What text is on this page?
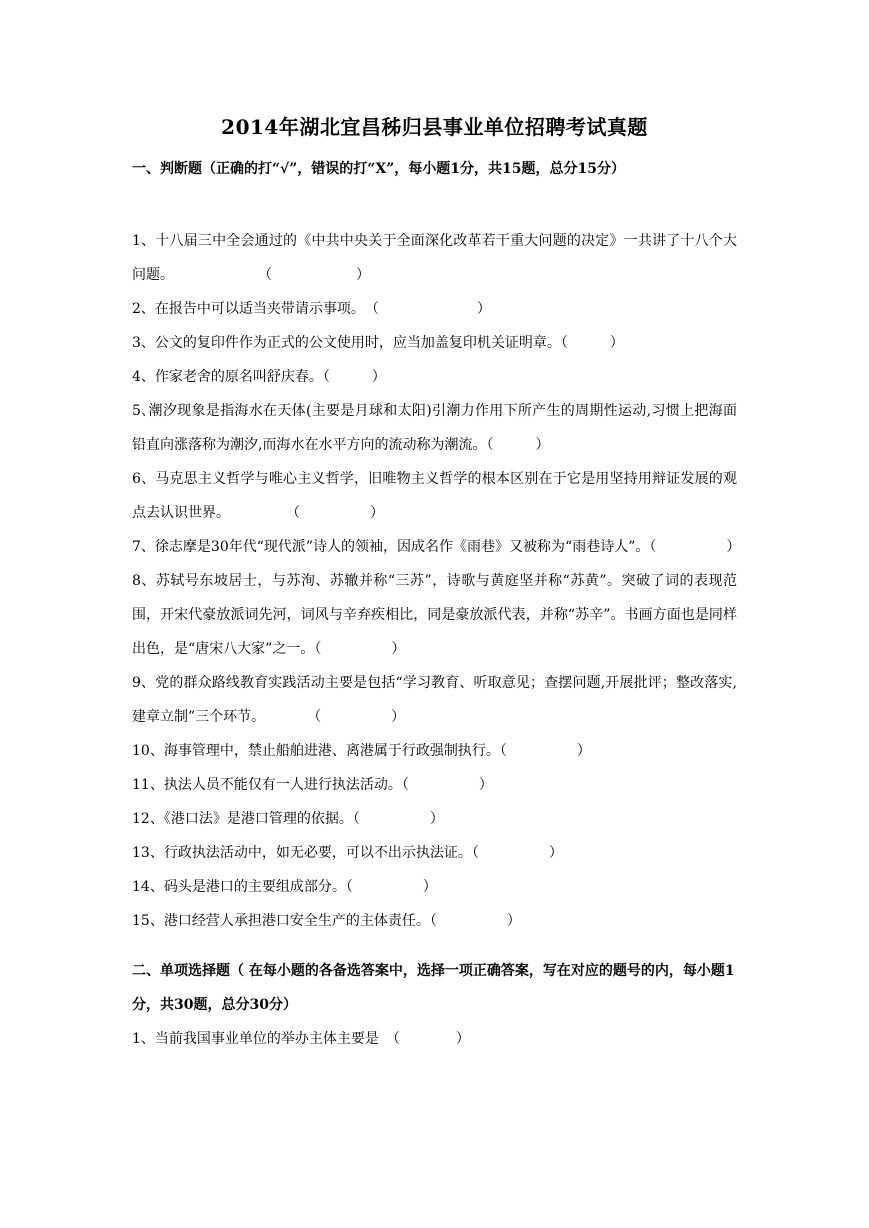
2014年湖北宜昌秭归县事业单位招聘考试真题

一、判断题（正确的打“√”，错误的打“X”，每小题1分，共15题，总分15分）

1、十八届三中全会通过的《中共中央关于全面深化改革若干重大问题的决定》一共讲了十八个大问题。　　　　　　　（　　　　　　）

2、在报告中可以适当夹带请示事项。　（　　　　　　　）

3、公文的复印件作为正式的公文使用时，应当加盖复印机关证明章。（　　　）

4、作家老舍的原名叫舒庆春。（　　　）

5､潮汐现象是指海水在天体(主要是月球和太阳)引潮力作用下所产生的周期性运动,习惯上把海面铅直向涨落称为潮汐,而海水在水平方向的流动称为潮流。（　　　）

6、马克思主义哲学与唯心主义哲学，旧唯物主义哲学的根本区别在于它是用坚持用辩证发展的观点去认识世界。　　　　　（　　　　　）

7、徐志摩是30年代“现代派”诗人的领袖，因成名作《雨巷》又被称为“雨巷诗人”。（　　　　　）

8、苏轼号东坡居士，与苏洵、苏辙并称“三苏”，诗歌与黄庭坚并称“苏黄”。突破了词的表现范围，开宋代豪放派词先河，词风与辛弃疾相比，同是豪放派代表，并称“苏辛”。书画方面也是同样出色，是“唐宋八大家”之一。（　　　　　）

9、党的群众路线教育实践活动主要是包括“学习教育、听取意见；查摆问题,开展批评；整改落实,建章立制”三个环节。　　　　（　　　　　）

10、海事管理中，禁止船舶进港、离港属于行政强制执行。（　　　　　）

11、执法人员不能仅有一人进行执法活动。（　　　　　）

12、《港口法》是港口管理的依据。（　　　　　）

13、行政执法活动中，如无必要，可以不出示执法证。（　　　　　）

14、码头是港口的主要组成部分。（　　　　　）

15、港口经营人承担港口安全生产的主体责任。（　　　　　）

二、单项选择题（ 在每小题的各备选答案中，选择一项正确答案，写在对应的题号的内，每小题1分，共30题，总分30分）

1、当前我国事业单位的举办主体主要是　（　　　　）
